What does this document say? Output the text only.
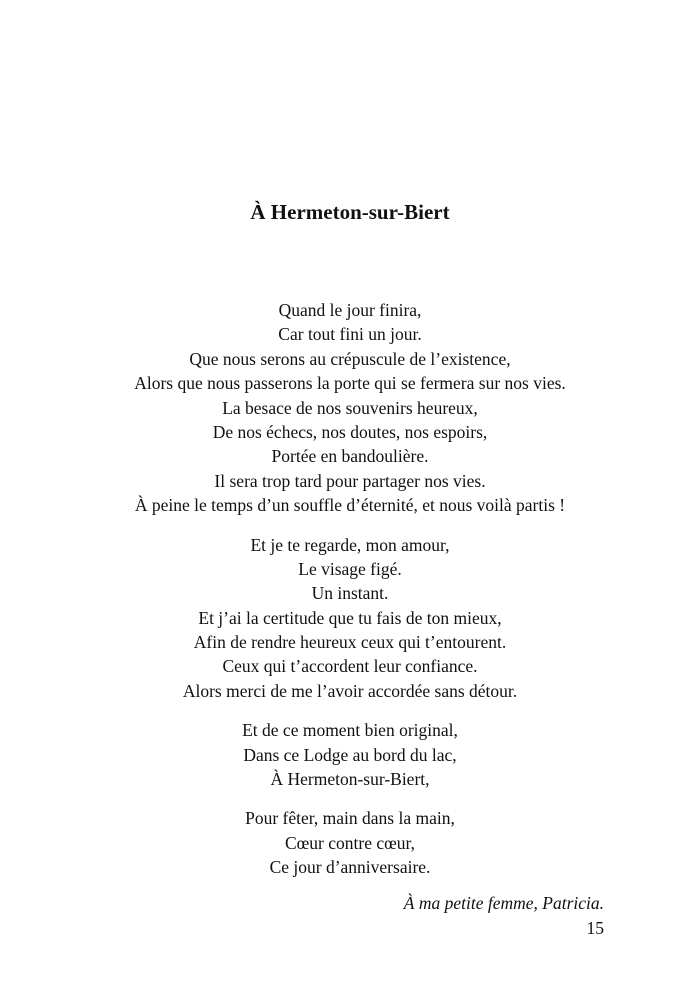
À Hermeton-sur-Biert
Quand le jour finira,
Car tout fini un jour.
Que nous serons au crépuscule de l’existence,
Alors que nous passerons la porte qui se fermera sur nos vies.
La besace de nos souvenirs heureux,
De nos échecs, nos doutes, nos espoirs,
Portée en bandoulière.
Il sera trop tard pour partager nos vies.
À peine le temps d’un souffle d’éternité, et nous voilà partis !
Et je te regarde, mon amour,
Le visage figé.
Un instant.
Et j’ai la certitude que tu fais de ton mieux,
Afin de rendre heureux ceux qui t’entourent.
Ceux qui t’accordent leur confiance.
Alors merci de me l’avoir accordée sans détour.
Et de ce moment bien original,
Dans ce Lodge au bord du lac,
À Hermeton-sur-Biert,
Pour fêter, main dans la main,
Cœur contre cœur,
Ce jour d’anniversaire.
À ma petite femme, Patricia.
15
